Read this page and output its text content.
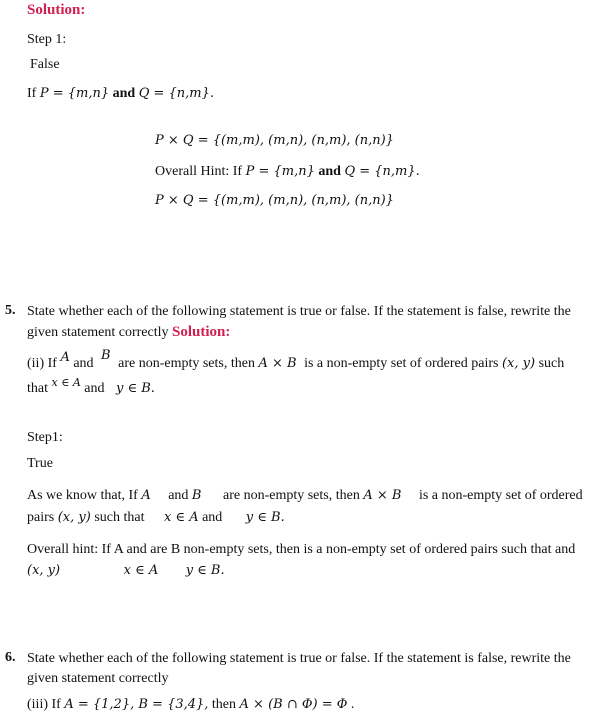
Solution:
Step 1:
False
If P = {m,n} and Q = {n,m}.
P × Q = {(m,m), (m,n), (n,m), (n,n)}
Overall Hint: If P = {m,n} and Q = {n,m}.
P × Q = {(m,m), (m,n), (n,m), (n,n)}
5. State whether each of the following statement is true or false. If the statement is false, rewrite the given statement correctly Solution:
(ii) If A and B are non-empty sets, then A × B is a non-empty set of ordered pairs (x, y) such
that $^{x \in A}$ and y ∈ B.
Step1:
True
As we know that, If A and B are non-empty sets, then A × B is a non-empty set of ordered
pairs (x, y) such that x ∈ A and y ∈ B.
Overall hint: If A and are B non-empty sets, then is a non-empty set of ordered pairs such that and
(x, y)	x ∈ A y ∈ B.
6. State whether each of the following statement is true or false. If the statement is false, rewrite the given statement correctly
(iii) If A = {1,2}, B = {3,4}, then A × (B ∩ Φ) = Φ .
